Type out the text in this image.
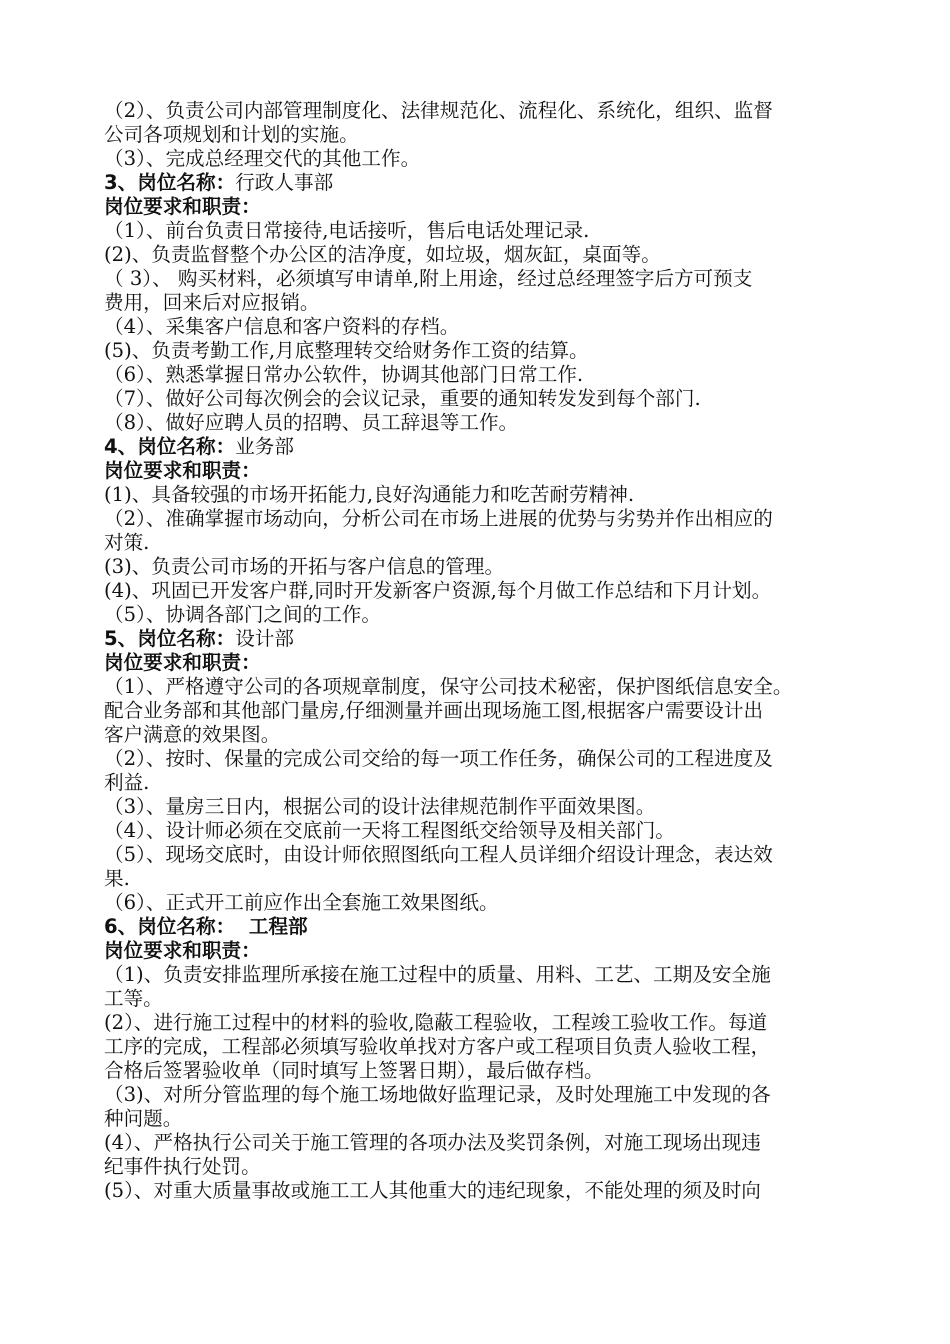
（2）、负责公司内部管理制度化、法律规范化、流程化、系统化，组织、监督
公司各项规划和计划的实施。
（3）、完成总经理交代的其他工作。
3、岗位名称：行政人事部
岗位要求和职责：
（1）、前台负责日常接待,电话接听，售后电话处理记录.
(2)、负责监督整个办公区的洁净度，如垃圾，烟灰缸，桌面等。
（ 3）、 购买材料，必须填写申请单,附上用途，经过总经理签字后方可预支
费用，回来后对应报销。
（4）、采集客户信息和客户资料的存档。
(5)、负责考勤工作,月底整理转交给财务作工资的结算。
（6）、熟悉掌握日常办公软件，协调其他部门日常工作.
（7）、做好公司每次例会的会议记录，重要的通知转发发到每个部门.
（8）、做好应聘人员的招聘、员工辞退等工作。
4、岗位名称：业务部
岗位要求和职责：
(1)、具备较强的市场开拓能力,良好沟通能力和吃苦耐劳精神.
（2）、准确掌握市场动向，分析公司在市场上进展的优势与劣势并作出相应的
对策.
(3)、负责公司市场的开拓与客户信息的管理。
(4)、巩固已开发客户群,同时开发新客户资源,每个月做工作总结和下月计划。
（5）、协调各部门之间的工作。
5、岗位名称：设计部
岗位要求和职责：
（1）、严格遵守公司的各项规章制度，保守公司技术秘密，保护图纸信息安全。
配合业务部和其他部门量房,仔细测量并画出现场施工图,根据客户需要设计出
客户满意的效果图。
（2）、按时、保量的完成公司交给的每一项工作任务，确保公司的工程进度及
利益.
（3）、量房三日内，根据公司的设计法律规范制作平面效果图。
（4）、设计师必须在交底前一天将工程图纸交给领导及相关部门。
（5）、现场交底时，由设计师依照图纸向工程人员详细介绍设计理念，表达效
果.
（6）、正式开工前应作出全套施工效果图纸。
6、岗位名称：  工程部
岗位要求和职责：
（1)、负责安排监理所承接在施工过程中的质量、用料、工艺、工期及安全施
工等。
(2）、进行施工过程中的材料的验收,隐蔽工程验收，工程竣工验收工作。每道
工序的完成，工程部必须填写验收单找对方客户或工程项目负责人验收工程，
合格后签署验收单（同时填写上签署日期），最后做存档。
（3)、对所分管监理的每个施工场地做好监理记录，及时处理施工中发现的各
种问题。
(4）、严格执行公司关于施工管理的各项办法及奖罚条例，对施工现场出现违
纪事件执行处罚。
(5）、对重大质量事故或施工工人其他重大的违纪现象，不能处理的须及时向
